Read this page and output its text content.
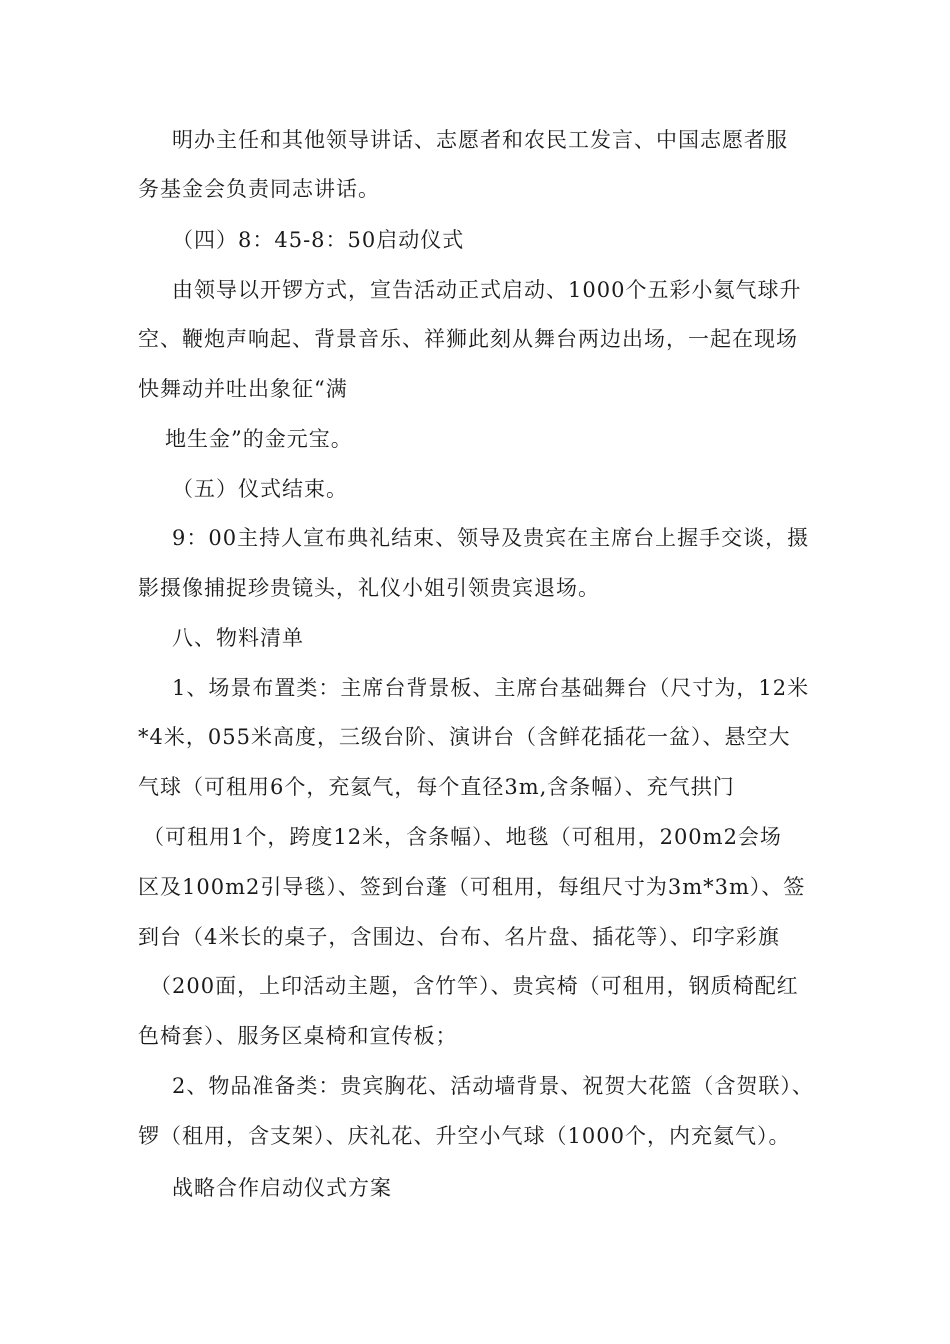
明办主任和其他领导讲话、志愿者和农民工发言、中国志愿者服

务基金会负责同志讲话。

（四）8：45-8：50启动仪式

由领导以开锣方式，宣告活动正式启动、1000个五彩小氦气球升

空、鞭炮声响起、背景音乐、祥狮此刻从舞台两边出场，一起在现场

快舞动并吐出象征“满

地生金”的金元宝。

（五）仪式结束。

9：00主持人宣布典礼结束、领导及贵宾在主席台上握手交谈，摄

影摄像捕捉珍贵镜头，礼仪小姐引领贵宾退场。

八、物料清单

1、场景布置类：主席台背景板、主席台基础舞台（尺寸为，12米

*4米，055米高度，三级台阶、演讲台（含鲜花插花一盆）、悬空大

气球（可租用6个，充氦气，每个直径3m,含条幅）、充气拱门

（可租用1个，跨度12米，含条幅）、地毯（可租用，200m2会场

区及100m2引导毯）、签到台蓬（可租用，每组尺寸为3m*3m）、签

到台（4米长的桌子，含围边、台布、名片盘、插花等）、印字彩旗

（200面，上印活动主题，含竹竿）、贵宾椅（可租用，钢质椅配红

色椅套）、服务区桌椅和宣传板；

2、物品准备类：贵宾胸花、活动墙背景、祝贺大花篮（含贺联）、

锣（租用，含支架）、庆礼花、升空小气球（1000个，内充氦气）。

战略合作启动仪式方案
